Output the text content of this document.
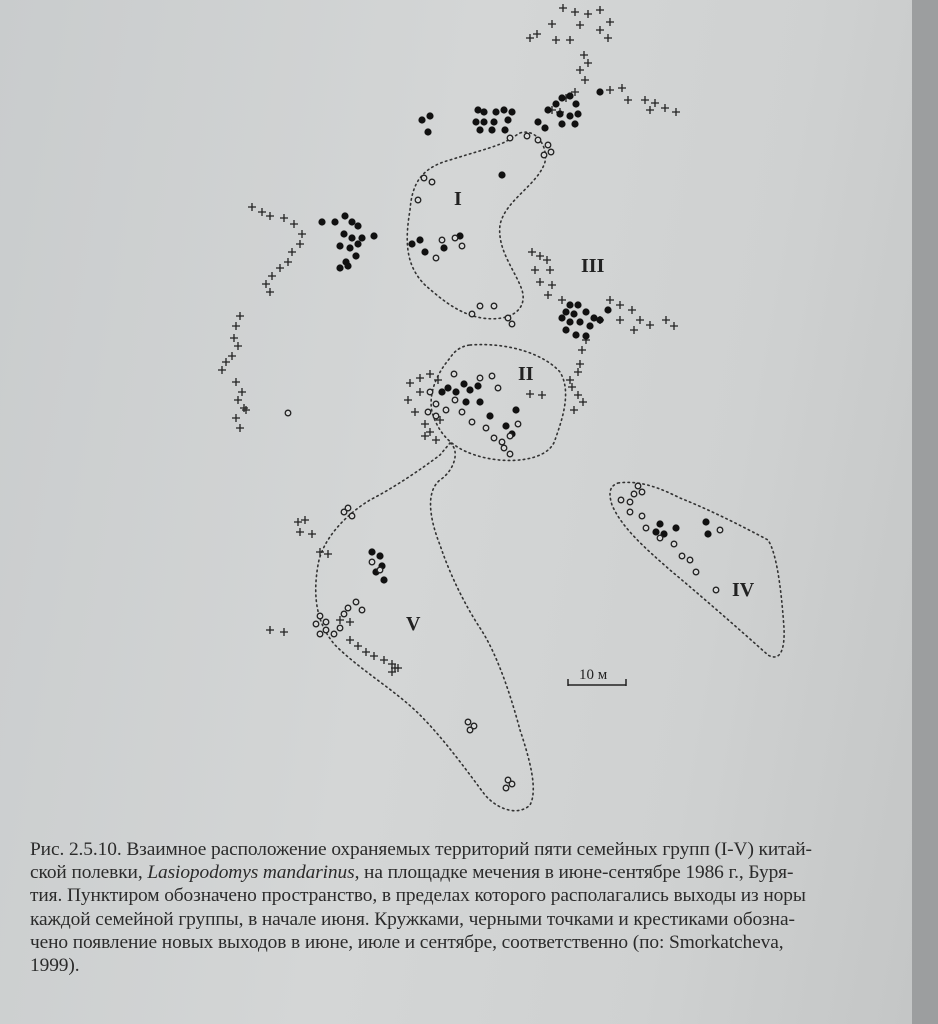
I
II
III
IV
V
10 м
Рис. 2.5.10. Взаимное расположение охраняемых территорий пяти семейных групп (I-V) китай-
ской полевки, Lasiopodomys mandarinus, на площадке мечения в июне-сентябре 1986 г., Буря-
тия. Пунктиром обозначено пространство, в пределах которого располагались выходы из норы
каждой семейной группы, в начале июня. Кружками, черными точками и крестиками обозна-
чено появление новых выходов в июне, июле и сентябре, соответственно (по: Smorkatcheva,
1999).
